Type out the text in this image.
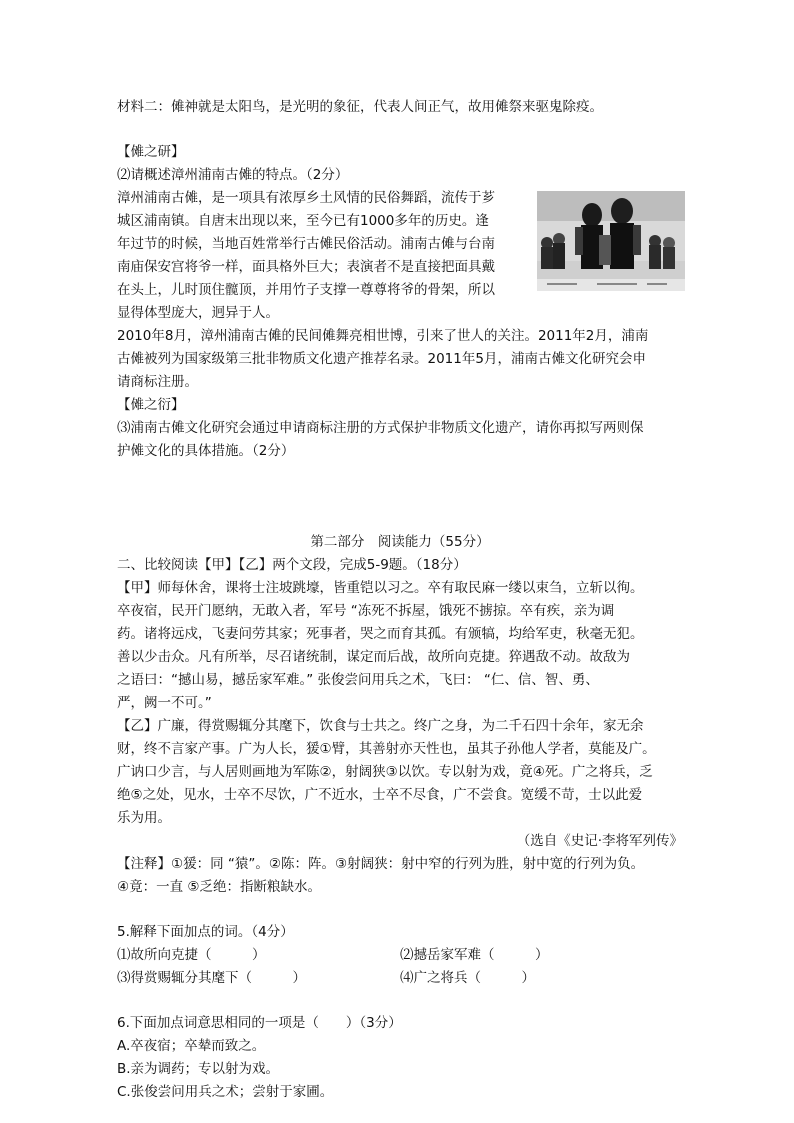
材料二：傩神就是太阳鸟，是光明的象征，代表人间正气，故用傩祭来驱鬼除疫。
【傩之研】
⑵请概述漳州浦南古傩的特点。（2分）
漳州浦南古傩，是一项具有浓厚乡土风情的民俗舞蹈，流传于芗
城区浦南镇。自唐末出现以来，至今已有1000多年的历史。逢
年过节的时候，当地百姓常举行古傩民俗活动。浦南古傩与台南
南庙保安宫将爷一样，面具格外巨大；表演者不是直接把面具戴
在头上，儿时顶住髋顶，并用竹子支撑一尊尊将爷的骨架，所以
显得体型庞大，迥异于人。
2010年8月，漳州浦南古傩的民间傩舞亮相世博，引来了世人的关注。2011年2月，浦南
古傩被列为国家级第三批非物质文化遗产推荐名录。2011年5月，浦南古傩文化研究会申
请商标注册。
【傩之衍】
⑶浦南古傩文化研究会通过申请商标注册的方式保护非物质文化遗产，请你再拟写两则保
护傩文化的具体措施。（2分）
第二部分　阅读能力（55分）
二、比较阅读【甲】【乙】两个文段，完成5-9题。（18分）
【甲】师每休舍，课将士注坡跳壕，皆重铠以习之。卒有取民麻一缕以束刍，立斩以徇。
卒夜宿，民开门愿纳，无敢入者，军号 “冻死不拆屋，饿死不掳掠。卒有疾，亲为调
药。诸将远戍，飞妻问劳其家；死事者，哭之而育其孤。有颁犒，均给军吏，秋毫无犯。
善以少击众。凡有所举，尽召诸统制，谋定而后战，故所向克捷。猝遇敌不动。故敌为
之语曰：“撼山易，撼岳家军难。” 张俊尝问用兵之术，飞曰： “仁、信、智、勇、
严，阙一不可。”
【乙】广廉，得赏赐辄分其麾下，饮食与士共之。终广之身，为二千石四十余年，家无余
财，终不言家产事。广为人长，猨①臂，其善射亦天性也，虽其子孙他人学者，莫能及广。
广讷口少言，与人居则画地为军陈②，射阔狭③以饮。专以射为戏，竟④死。广之将兵，乏
绝⑤之处，见水，士卒不尽饮，广不近水，士卒不尽食，广不尝食。宽缓不苛，士以此爱
乐为用。
（选自《史记·李将军列传》
【注释】①猨：同 “猿”。②陈：阵。③射阔狭：射中窄的行列为胜，射中宽的行列为负。
④竟：一直 ⑤乏绝：指断粮缺水。
5.解释下面加点的词。（4分）
⑴故所向克捷（　　　）	⑵撼岳家军难（　　　）
⑶得赏赐辄分其麾下（　　　）	⑷广之将兵（　　　）
6.下面加点词意思相同的一项是（　　）（3分）
A.卒夜宿；卒辇而致之。
B.亲为调药；专以射为戏。
C.张俊尝问用兵之术；尝射于家圃。
